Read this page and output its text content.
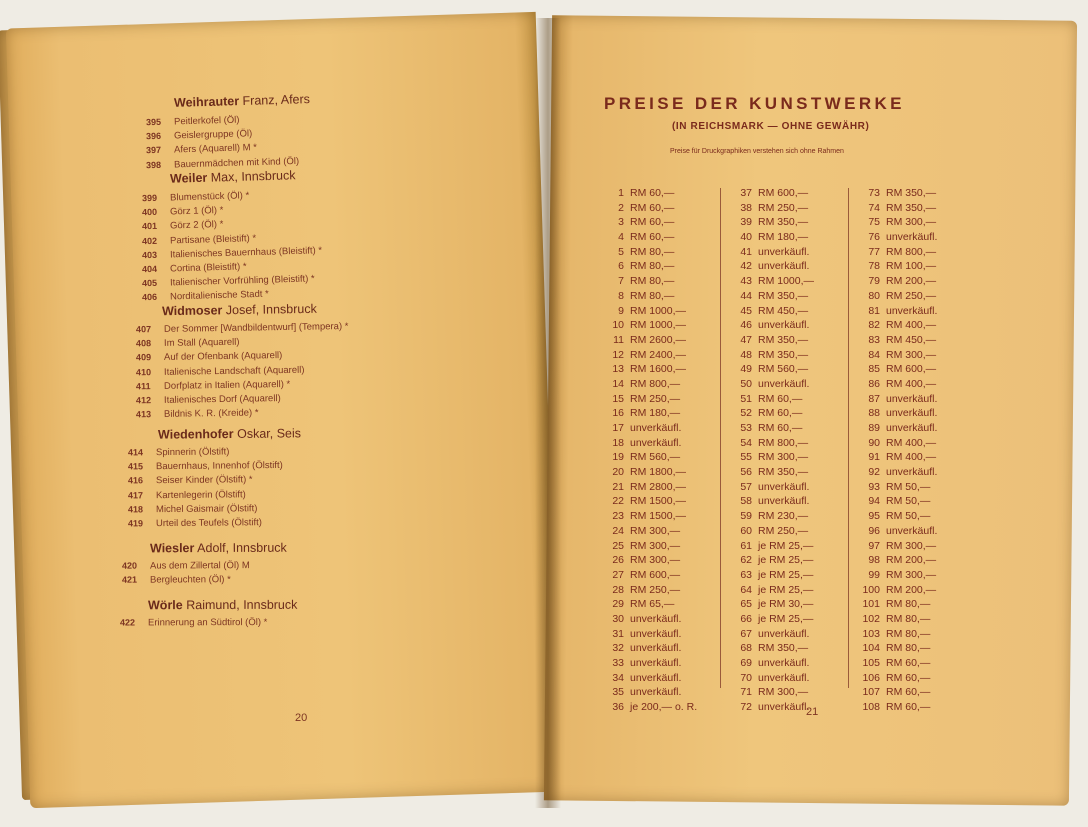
Weihrauter Franz, Afers
395 Peitlerkofel (Öl)
396 Geislergruppe (Öl)
397 Afers (Aquarell) M *
398 Bauernmädchen mit Kind (Öl)
Weiler Max, Innsbruck
399 Blumenstück (Öl) *
400 Görz 1 (Öl) *
401 Görz 2 (Öl) *
402 Partisane (Bleistift) *
403 Italienisches Bauernhaus (Bleistift) *
404 Cortina (Bleistift) *
405 Italienischer Vorfrühling (Bleistift) *
406 Norditalienische Stadt *
Widmoser Josef, Innsbruck
407 Der Sommer [Wandbildentwurf] (Tempera) *
408 Im Stall (Aquarell)
409 Auf der Ofenbank (Aquarell)
410 Italienische Landschaft (Aquarell)
411 Dorfplatz in Italien (Aquarell) *
412 Italienisches Dorf (Aquarell)
413 Bildnis K. R. (Kreide) *
Wiedenhofer Oskar, Seis
414 Spinnerin (Ölstift)
415 Bauernhaus, Innenhof (Ölstift)
416 Seiser Kinder (Ölstift) *
417 Kartenlegerin (Ölstift)
418 Michel Gaismair (Ölstift)
419 Urteil des Teufels (Ölstift)
Wiesler Adolf, Innsbruck
420 Aus dem Zillertal (Öl) M
421 Bergleuchten (Öl) *
Wörle Raimund, Innsbruck
422 Erinnerung an Südtirol (Öl) *
20
PREISE DER KUNSTWERKE
(IN REICHSMARK — OHNE GEWÄHR)
Preise für Druckgraphiken verstehen sich ohne Rahmen
1 RM 60,—
2 RM 60,—
3 RM 60,—
4 RM 60,—
5 RM 80,—
6 RM 80,—
7 RM 80,—
8 RM 80,—
9 RM 1000,—
10 RM 1000,—
11 RM 2600,—
12 RM 2400,—
13 RM 1600,—
14 RM 800,—
15 RM 250,—
16 RM 180,—
17 unverkäufl.
18 unverkäufl.
19 RM 560,—
20 RM 1800,—
21 RM 2800,—
22 RM 1500,—
23 RM 1500,—
24 RM 300,—
25 RM 300,—
26 RM 300,—
27 RM 600,—
28 RM 250,—
29 RM 65,—
30 unverkäufl.
31 unverkäufl.
32 unverkäufl.
33 unverkäufl.
34 unverkäufl.
35 unverkäufl.
36 je 200,— o. R.
37 RM 600,—
38 RM 250,—
39 RM 350,—
40 RM 180,—
41 unverkäufl.
42 unverkäufl.
43 RM 1000,—
44 RM 350,—
45 RM 450,—
46 unverkäufl.
47 RM 350,—
48 RM 350,—
49 RM 560,—
50 unverkäufl.
51 RM 60,—
52 RM 60,—
53 RM 60,—
54 RM 800,—
55 RM 300,—
56 RM 350,—
57 unverkäufl.
58 unverkäufl.
59 RM 230,—
60 RM 250,—
61 je RM 25,—
62 je RM 25,—
63 je RM 25,—
64 je RM 25,—
65 je RM 30,—
66 je RM 25,—
67 unverkäufl.
68 RM 350,—
69 unverkäufl.
70 unverkäufl.
71 RM 300,—
72 unverkäufl.
73 RM 350,—
74 RM 350,—
75 RM 300,—
76 unverkäufl.
77 RM 800,—
78 RM 100,—
79 RM 200,—
80 RM 250,—
81 unverkäufl.
82 RM 400,—
83 RM 450,—
84 RM 300,—
85 RM 600,—
86 RM 400,—
87 unverkäufl.
88 unverkäufl.
89 unverkäufl.
90 RM 400,—
91 RM 400,—
92 unverkäufl.
93 RM 50,—
94 RM 50,—
95 RM 50,—
96 unverkäufl.
97 RM 300,—
98 RM 200,—
99 RM 300,—
100 RM 200,—
101 RM 80,—
102 RM 80,—
103 RM 80,—
104 RM 80,—
105 RM 60,—
106 RM 60,—
107 RM 60,—
108 RM 60,—
21
